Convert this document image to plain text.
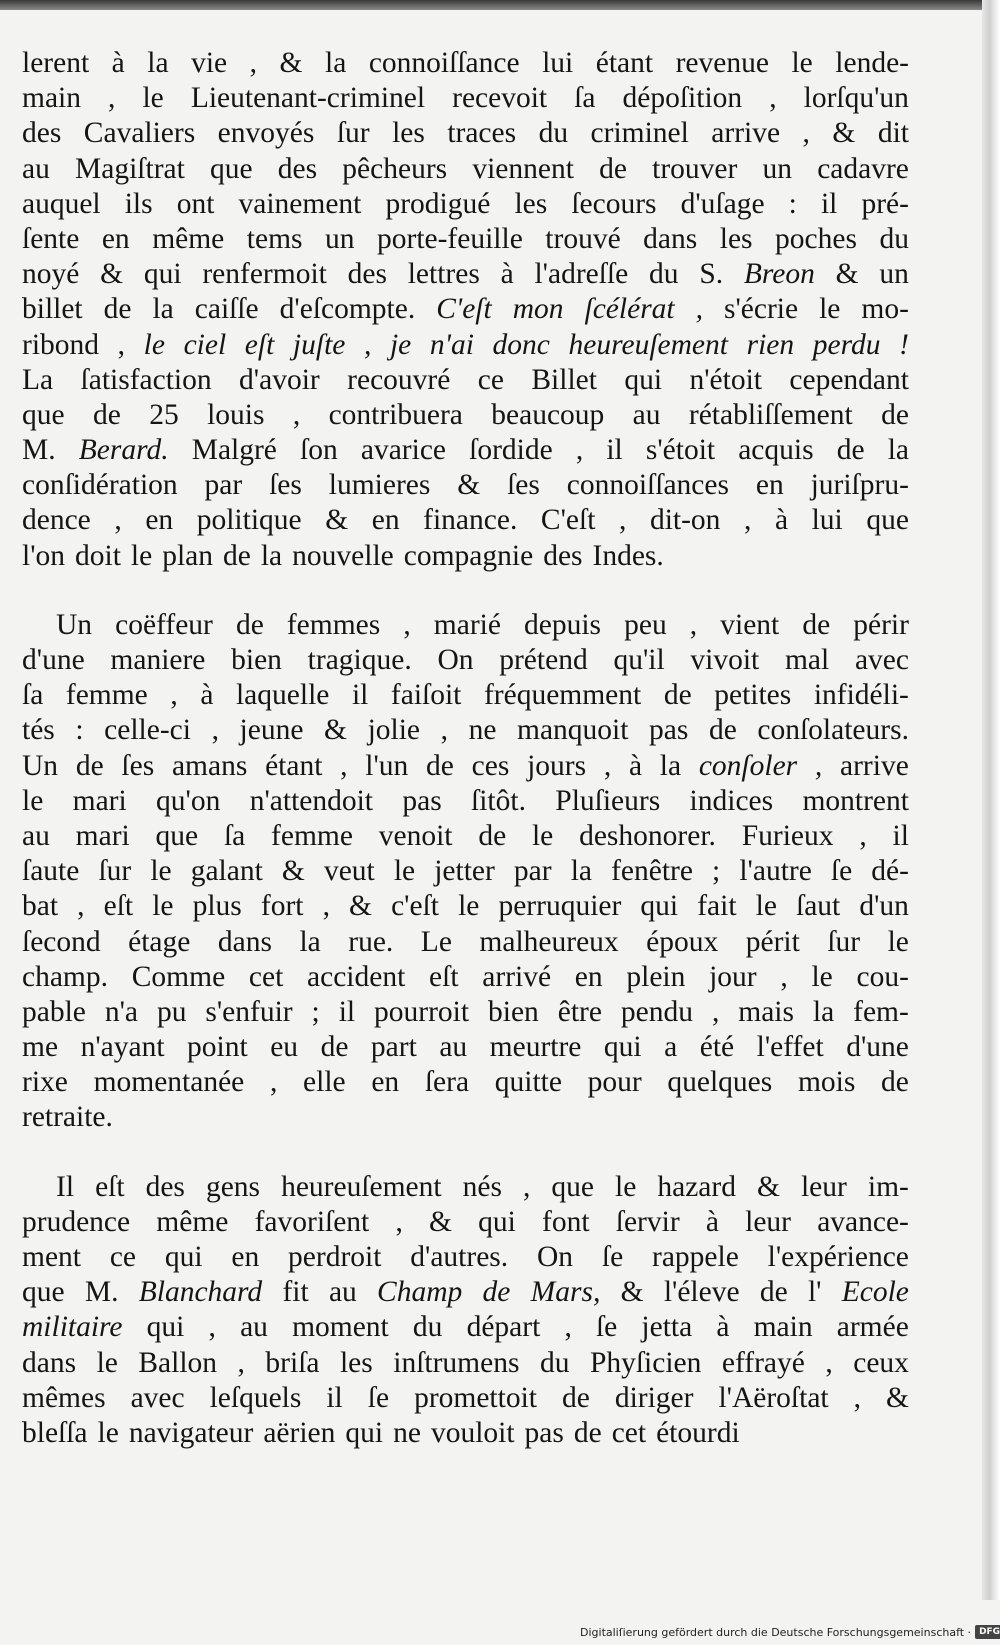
lerent à la vie , & la connoiſſance lui étant revenue le lende-
main , le Lieutenant-criminel recevoit ſa dépoſition , lorſqu'un
des Cavaliers envoyés ſur les traces du criminel arrive , & dit
au Magiſtrat que des pêcheurs viennent de trouver un cadavre
auquel ils ont vainement prodigué les ſecours d'uſage : il pré-
ſente en même tems un porte-feuille trouvé dans les poches du
noyé & qui renfermoit des lettres à l'adreſſe du S. Breon & un
billet de la caiſſe d'eſcompte. C'eſt mon ſcélérat , s'écrie le mo-
ribond , le ciel eſt juſte , je n'ai donc heureuſement rien perdu !
La ſatisfaction d'avoir recouvré ce Billet qui n'étoit cependant
que de 25 louis , contribuera beaucoup au rétabliſſement de
M. Berard. Malgré ſon avarice ſordide , il s'étoit acquis de la
conſidération par ſes lumieres & ſes connoiſſances en juriſpru-
dence , en politique & en finance. C'eſt , dit-on , à lui que
l'on doit le plan de la nouvelle compagnie des Indes.
Un coëffeur de femmes , marié depuis peu , vient de périr
d'une maniere bien tragique. On prétend qu'il vivoit mal avec
ſa femme , à laquelle il faiſoit fréquemment de petites infidéli-
tés : celle-ci , jeune & jolie , ne manquoit pas de conſolateurs.
Un de ſes amans étant , l'un de ces jours , à la conſoler , arrive
le mari qu'on n'attendoit pas ſitôt. Pluſieurs indices montrent
au mari que ſa femme venoit de le deshonorer. Furieux , il
ſaute ſur le galant & veut le jetter par la fenêtre ; l'autre ſe dé-
bat , eſt le plus fort , & c'eſt le perruquier qui fait le ſaut d'un
ſecond étage dans la rue. Le malheureux époux périt ſur le
champ. Comme cet accident eſt arrivé en plein jour , le cou-
pable n'a pu s'enfuir ; il pourroit bien être pendu , mais la fem-
me n'ayant point eu de part au meurtre qui a été l'effet d'une
rixe momentanée , elle en ſera quitte pour quelques mois de
retraite.
Il eſt des gens heureuſement nés , que le hazard & leur im-
prudence même favoriſent , & qui font ſervir à leur avance-
ment ce qui en perdroit d'autres. On ſe rappele l'expérience
que M. Blanchard fit au Champ de Mars, & l'éleve de l' Ecole
militaire qui , au moment du départ , ſe jetta à main armée
dans le Ballon , briſa les inſtrumens du Phyſicien effrayé , ceux
mêmes avec leſquels il ſe promettoit de diriger l'Aëroſtat , &
bleſſa le navigateur aërien qui ne vouloit pas de cet étourdi
Digitaliſierung gefördert durch die Deutsche Forschungsgemeinschaft · DFG
